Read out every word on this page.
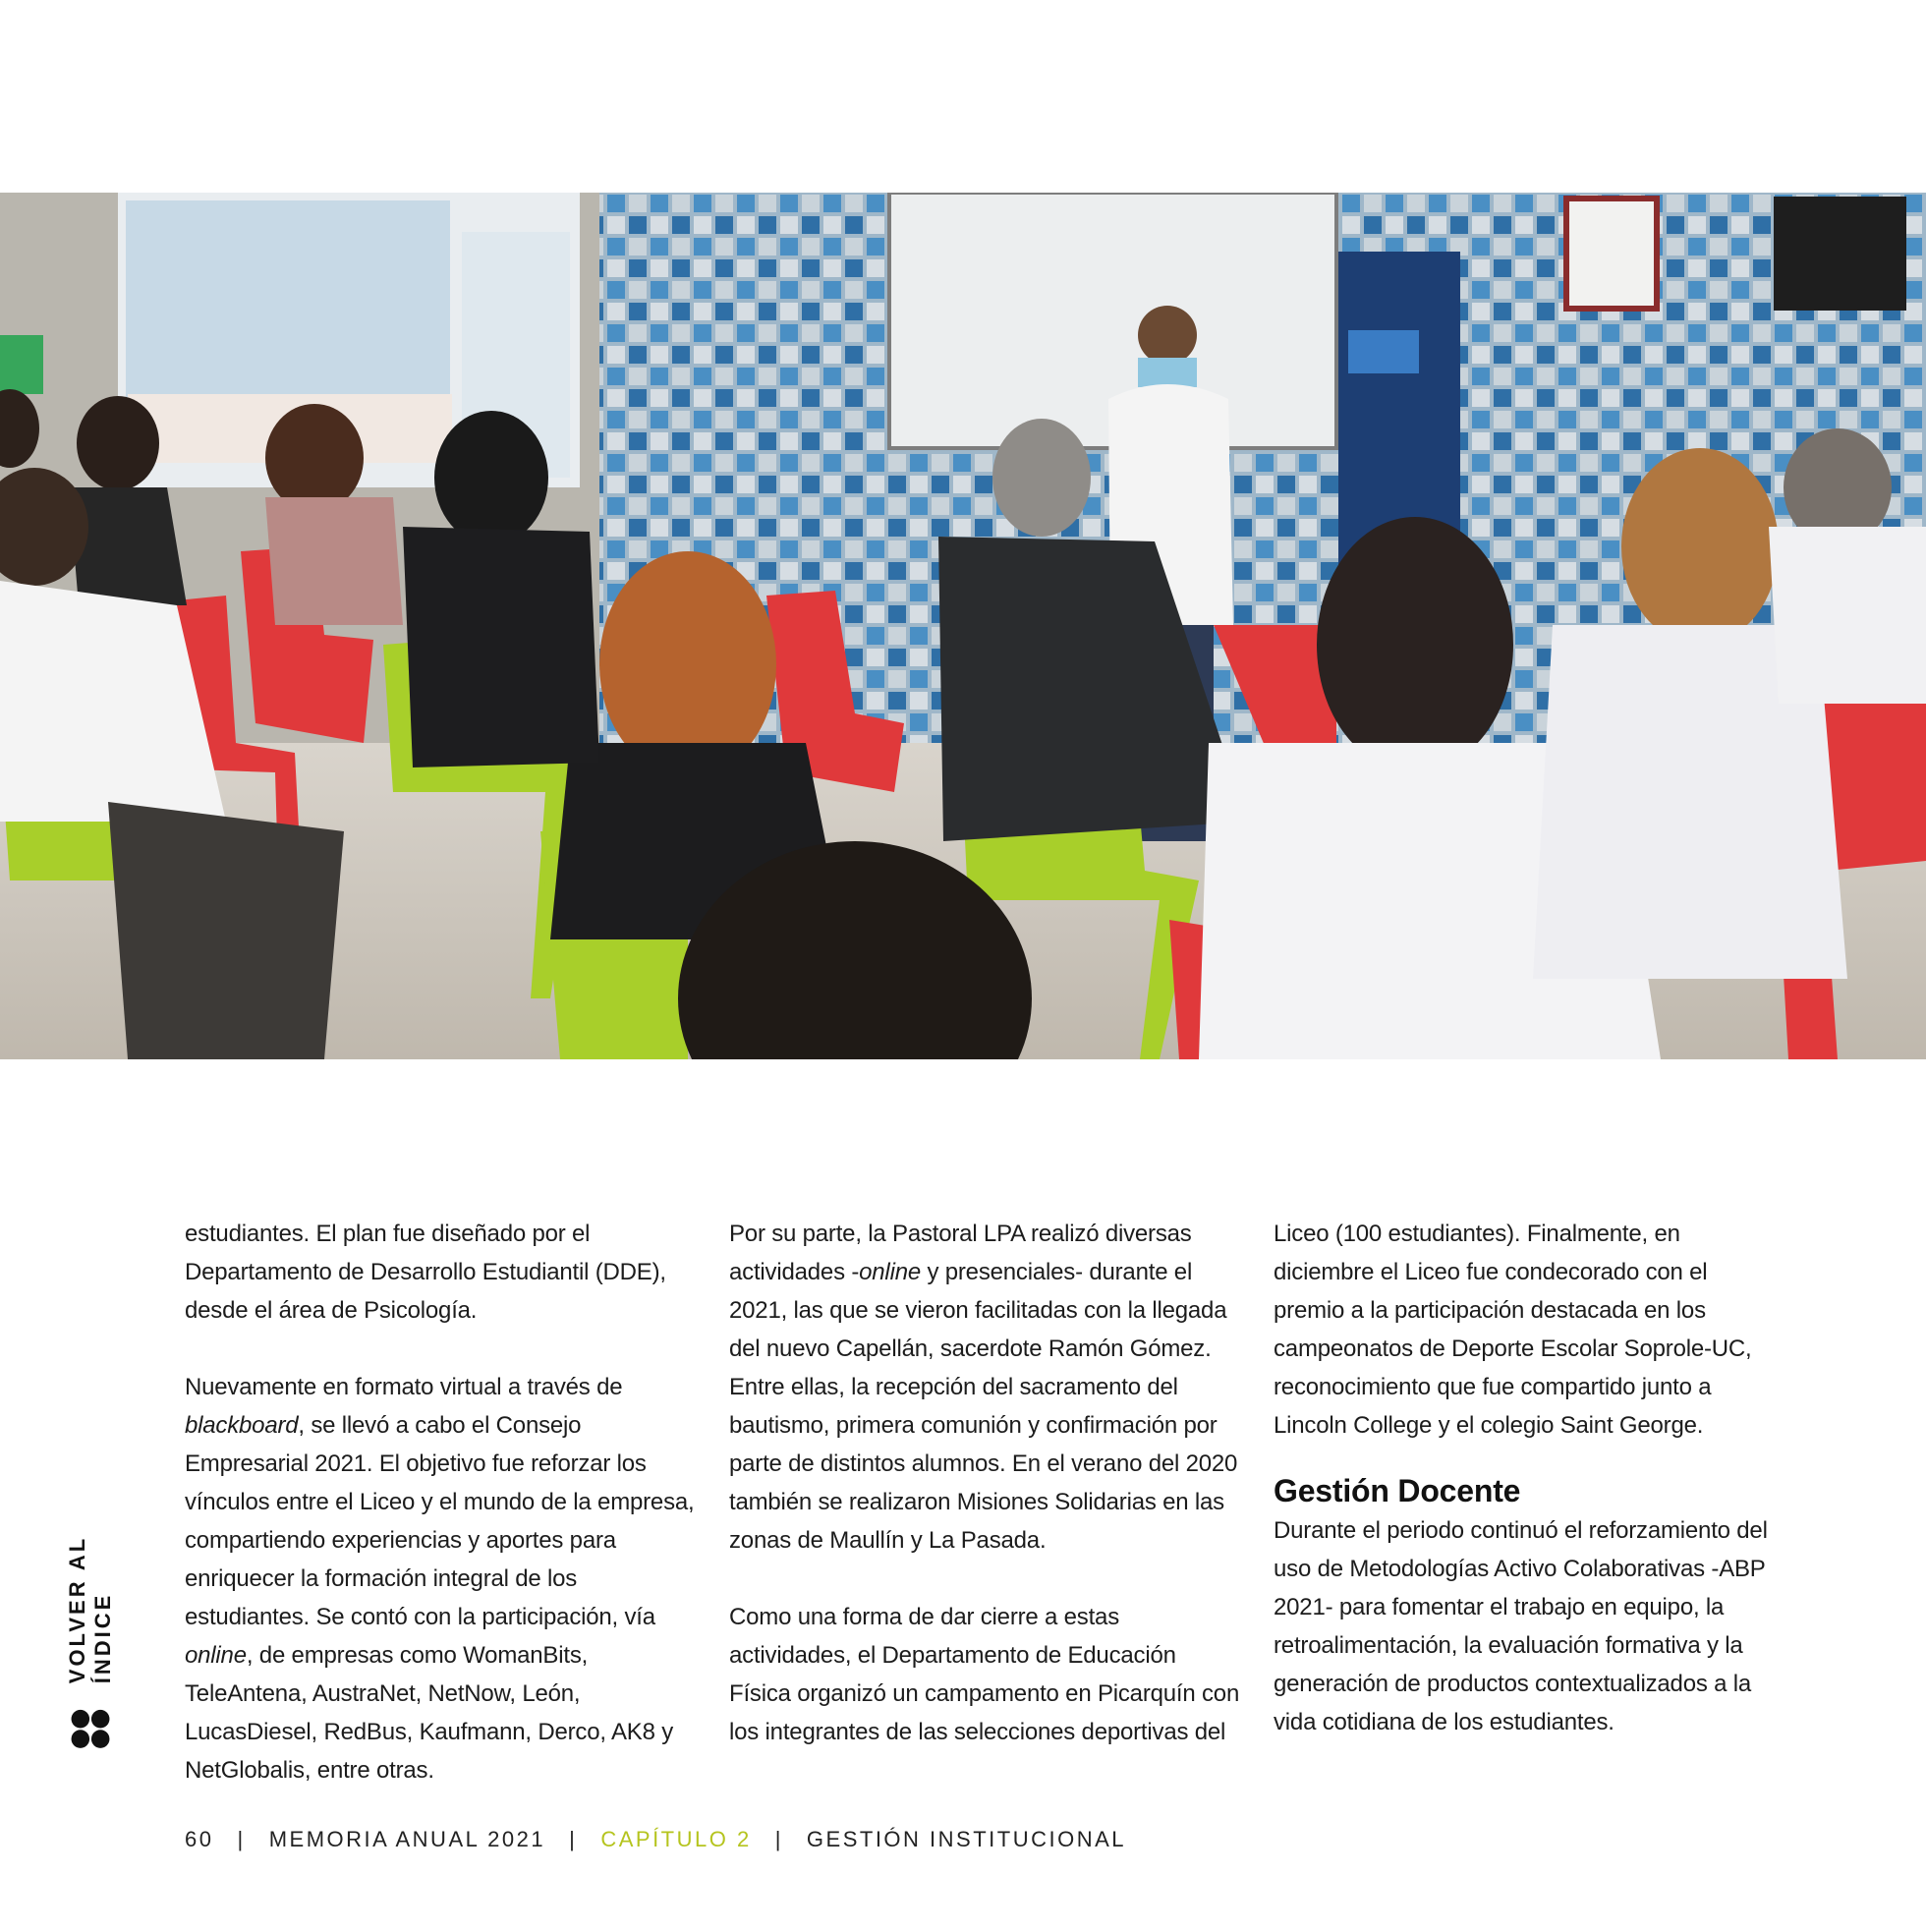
estudiantes. El plan fue diseñado por el Departamento de Desarrollo Estudiantil (DDE), desde el área de Psicología.

Nuevamente en formato virtual a través de blackboard, se llevó a cabo el Consejo Empresarial 2021. El objetivo fue reforzar los vínculos entre el Liceo y el mundo de la empresa, compartiendo experiencias y aportes para enriquecer la formación integral de los estudiantes. Se contó con la participación, vía online, de empresas como WomanBits, TeleAntena, AustraNet, NetNow, León, LucasDiesel, RedBus, Kaufmann, Derco, AK8 y NetGlobalis, entre otras.

Por su parte, la Pastoral LPA realizó diversas actividades -online y presenciales- durante el 2021, las que se vieron facilitadas con la llegada del nuevo Capellán, sacerdote Ramón Gómez. Entre ellas, la recepción del sacramento del bautismo, primera comunión y confirmación por parte de distintos alumnos. En el verano del 2020 también se realizaron Misiones Solidarias en las zonas de Maullín y La Pasada.

Como una forma de dar cierre a estas actividades, el Departamento de Educación Física organizó un campamento en Picarquín con los integrantes de las selecciones deportivas del

Liceo (100 estudiantes). Finalmente, en diciembre el Liceo fue condecorado con el premio a la participación destacada en los campeonatos de Deporte Escolar Soprole-UC, reconocimiento que fue compartido junto a Lincoln College y el colegio Saint George.

Gestión Docente

Durante el periodo continuó el reforzamiento del uso de Metodologías Activo Colaborativas -ABP 2021- para fomentar el trabajo en equipo, la retroalimentación, la evaluación formativa y la generación de productos contextualizados a la vida cotidiana de los estudiantes.

VOLVER AL ÍNDICE
60 | MEMORIA ANUAL 2021 | CAPÍTULO 2 | GESTIÓN INSTITUCIONAL
